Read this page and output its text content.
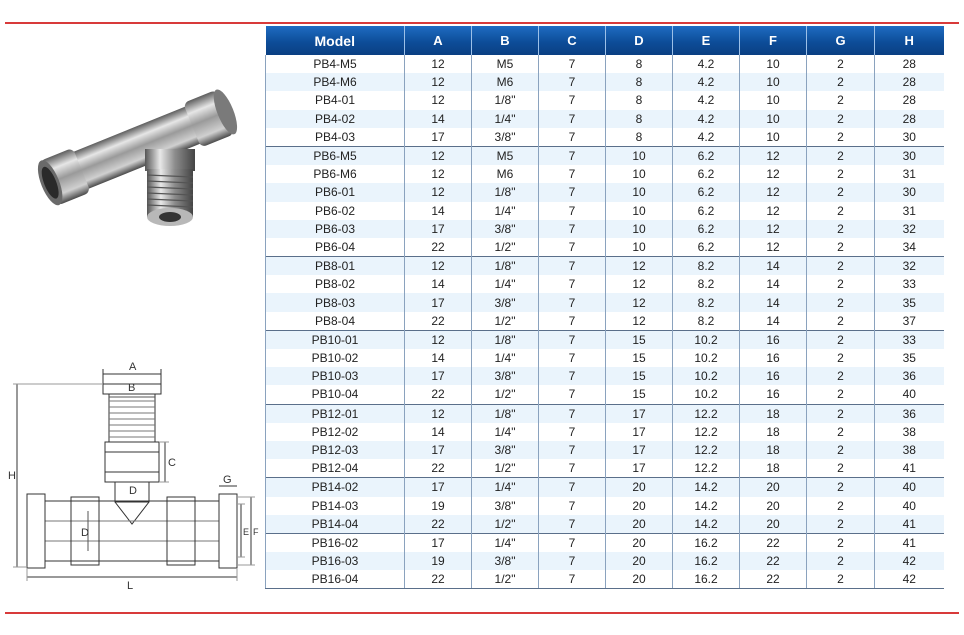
A
B
C
D
D	E F
G
H
L
Model	A	B	C	D	E	F	G	H
PB4-M5	12	M5	7	8	4.2	10	2	28
PB4-M6	12	M6	7	8	4.2	10	2	28
PB4-01	12	1/8"	7	8	4.2	10	2	28
PB4-02	14	1/4"	7	8	4.2	10	2	28
PB4-03	17	3/8"	7	8	4.2	10	2	30
PB6-M5	12	M5	7	10	6.2	12	2	30
PB6-M6	12	M6	7	10	6.2	12	2	31
PB6-01	12	1/8"	7	10	6.2	12	2	30
PB6-02	14	1/4"	7	10	6.2	12	2	31
PB6-03	17	3/8"	7	10	6.2	12	2	32
PB6-04	22	1/2"	7	10	6.2	12	2	34
PB8-01	12	1/8"	7	12	8.2	14	2	32
PB8-02	14	1/4"	7	12	8.2	14	2	33
PB8-03	17	3/8"	7	12	8.2	14	2	35
PB8-04	22	1/2"	7	12	8.2	14	2	37
PB10-01	12	1/8"	7	15	10.2	16	2	33
PB10-02	14	1/4"	7	15	10.2	16	2	35
PB10-03	17	3/8"	7	15	10.2	16	2	36
PB10-04	22	1/2"	7	15	10.2	16	2	40
PB12-01	12	1/8"	7	17	12.2	18	2	36
PB12-02	14	1/4"	7	17	12.2	18	2	38
PB12-03	17	3/8"	7	17	12.2	18	2	38
PB12-04	22	1/2"	7	17	12.2	18	2	41
PB14-02	17	1/4"	7	20	14.2	20	2	40
PB14-03	19	3/8"	7	20	14.2	20	2	40
PB14-04	22	1/2"	7	20	14.2	20	2	41
PB16-02	17	1/4"	7	20	16.2	22	2	41
PB16-03	19	3/8"	7	20	16.2	22	2	42
PB16-04	22	1/2"	7	20	16.2	22	2	42
